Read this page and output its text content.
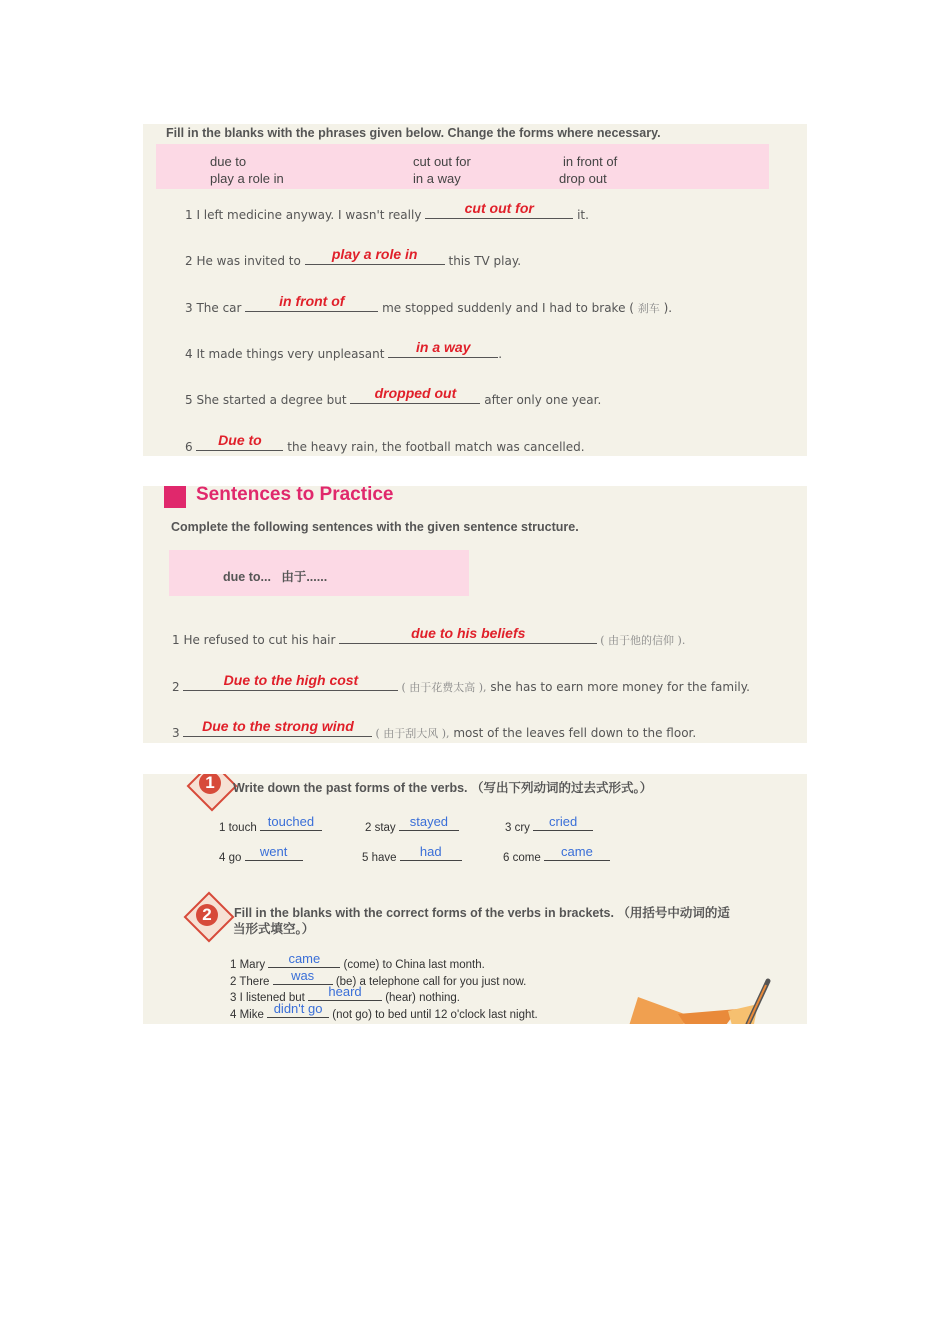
Fill in the blanks with the phrases given below. Change the forms where necessary.
due to	cut out for	in front of
play a role in	in a way	drop out
1 I left medicine anyway. I wasn't really	cut out for	it.
2 He was invited to	play a role in	this TV play.
3 The car	in front of	me stopped suddenly and I had to brake ( 刹车 ).
4 It made things very unpleasant	in a way	.
5 She started a degree but	dropped out	after only one year.
6	Due to	the heavy rain, the football match was cancelled.
Sentences to Practice
Complete the following sentences with the given sentence structure.
due to...   由于......
1 He refused to cut his hair	due to his beliefs	( 由于他的信仰 ).
2	Due to the high cost	( 由于花费太高 ), she has to earn more money for the family.
3	Due to the strong wind	( 由于刮大风 ), most of the leaves fell down to the floor.
1	Write down the past forms of the verbs. （写出下列动词的过去式形式。）
1 touch touched	2 stay	stayed	3 cry	cried
4 go	went	5 have	had	6 come	came
2	Fill in the blanks with the correct forms of the verbs in brackets. （用括号中动词的适
当形式填空。）
1 Mary	came	(come) to China last month.
2 There	was	(be) a telephone call for you just now.
3 I listened but	heard	(hear) nothing.
4 Mike didn't go (not go) to bed until 12 o'clock last night.
